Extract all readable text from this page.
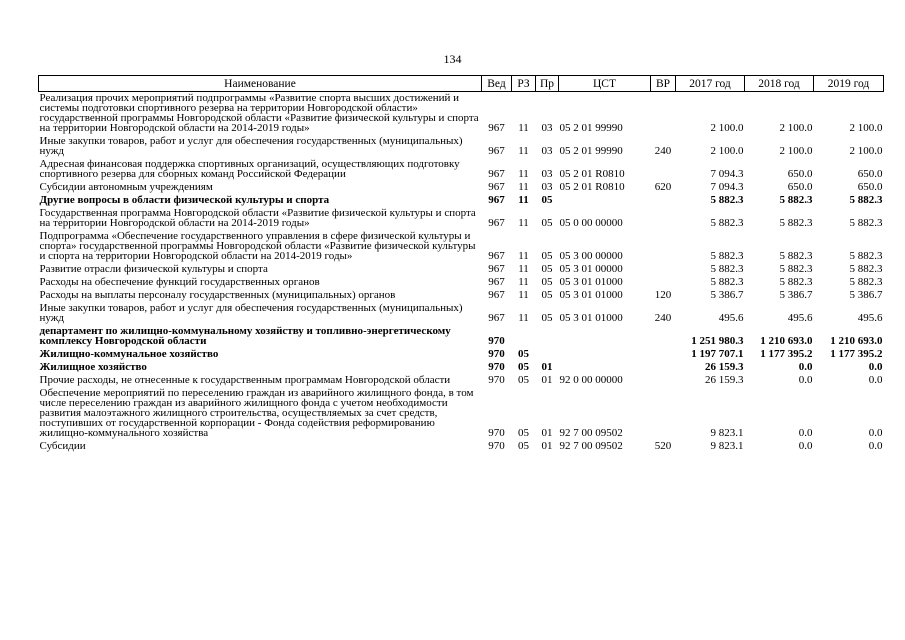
134
Наименование	Вед	РЗ	Пр	ЦСТ	ВР	2017 год	2018 год	2019 год
Реализация прочих мероприятий подпрограммы «Развитие спорта высших достижений и системы подготовки спортивного резерва на территории Новгородской области» государственной программы Новгородской области «Развитие физической культуры и спорта на территории Новгородской области на 2014-2019 годы»	967	11	03	05 2 01 99990		2 100.0	2 100.0	2 100.0
Иные закупки товаров, работ и услуг для обеспечения государственных (муниципальных) нужд	967	11	03	05 2 01 99990	240	2 100.0	2 100.0	2 100.0
Адресная финансовая поддержка спортивных организаций, осуществляющих подготовку спортивного резерва для сборных команд Российской Федерации	967	11	03	05 2 01 R0810		7 094.3	650.0	650.0
Субсидии автономным учреждениям	967	11	03	05 2 01 R0810	620	7 094.3	650.0	650.0
Другие вопросы в области физической культуры и спорта	967	11	05			5 882.3	5 882.3	5 882.3
Государственная программа Новгородской области «Развитие физической культуры и спорта на территории Новгородской области на 2014-2019 годы»	967	11	05	05 0 00 00000		5 882.3	5 882.3	5 882.3
Подпрограмма «Обеспечение государственного управления в сфере физической культуры и спорта» государственной программы Новгородской области «Развитие физической культуры и спорта на территории Новгородской области на 2014-2019 годы»	967	11	05	05 3 00 00000		5 882.3	5 882.3	5 882.3
Развитие отрасли физической культуры и спорта	967	11	05	05 3 01 00000		5 882.3	5 882.3	5 882.3
Расходы на обеспечение функций государственных органов	967	11	05	05 3 01 01000		5 882.3	5 882.3	5 882.3
Расходы на выплаты персоналу государственных (муниципальных) органов	967	11	05	05 3 01 01000	120	5 386.7	5 386.7	5 386.7
Иные закупки товаров, работ и услуг для обеспечения государственных (муниципальных) нужд	967	11	05	05 3 01 01000	240	495.6	495.6	495.6
департамент по жилищно-коммунальному хозяйству и топливно-энергетическому комплексу Новгородской области	970					1 251 980.3	1 210 693.0	1 210 693.0
Жилищно-коммунальное хозяйство	970	05				1 197 707.1	1 177 395.2	1 177 395.2
Жилищное хозяйство	970	05	01			26 159.3	0.0	0.0
Прочие расходы, не отнесенные к государственным программам Новгородской области	970	05	01	92 0 00 00000		26 159.3	0.0	0.0
Обеспечение мероприятий по переселению граждан из аварийного жилищного фонда, в том числе переселению граждан из аварийного жилищного фонда с учетом необходимости развития малоэтажного жилищного строительства, осуществляемых за счет средств, поступивших от государственной корпорации - Фонда содействия реформированию жилищно-коммунального хозяйства	970	05	01	92 7 00 09502		9 823.1	0.0	0.0
Субсидии	970	05	01	92 7 00 09502	520	9 823.1	0.0	0.0
